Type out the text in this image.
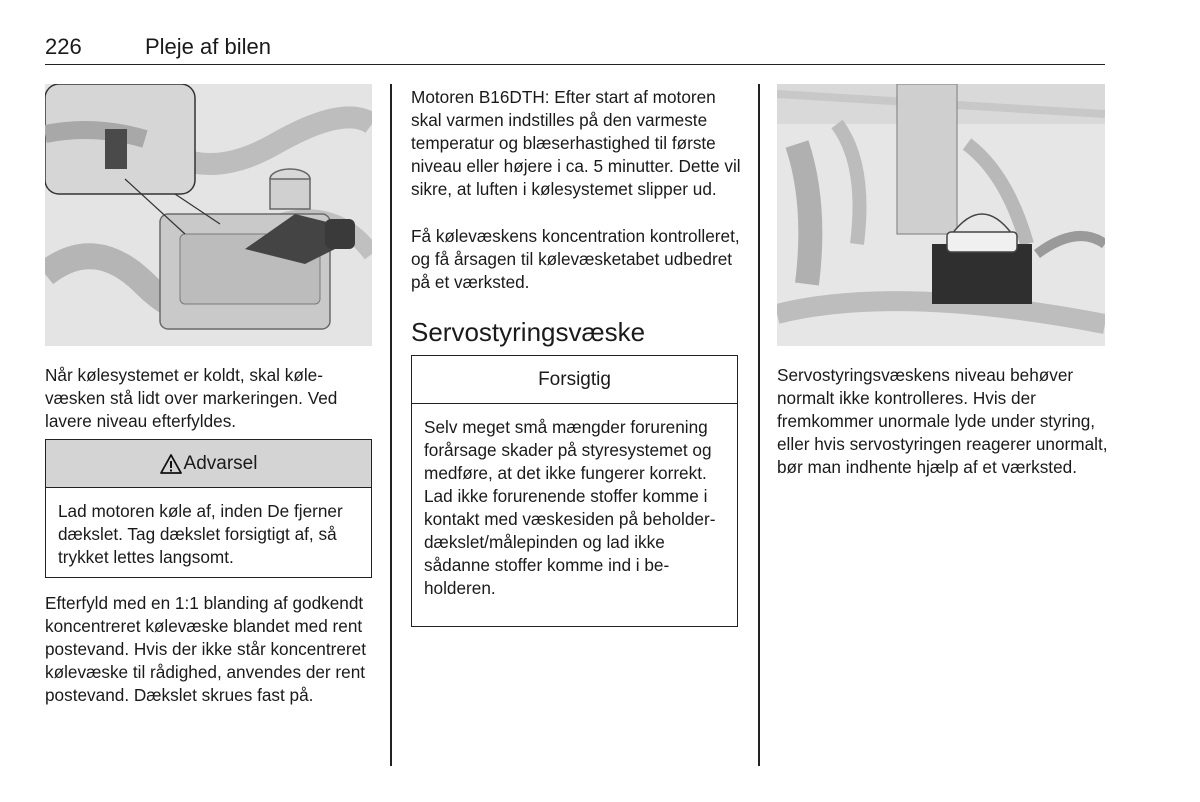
226	Pleje af bilen

Når kølesystemet er koldt, skal kølevæsken stå lidt over markeringen. Ved lavere niveau efterfyldes.

Advarsel

Lad motoren køle af, inden De fjerner dækslet. Tag dækslet forsigtigt af, så trykket lettes langsomt.

Efterfyld med en 1:1 blanding af godkendt koncentreret kølevæske blandet med rent postevand. Hvis der ikke står koncentreret kølevæske til rådighed, anvendes der rent postevand. Dækslet skrues fast på.

Motoren B16DTH: Efter start af motoren skal varmen indstilles på den varmeste temperatur og blæserhastighed til første niveau eller højere i ca. 5 minutter. Dette vil sikre, at luften i kølesystemet slipper ud.

Få kølevæskens koncentration kontrolleret, og få årsagen til kølevæsketabet udbedret på et værksted.

Servostyringsvæske
Forsigtig

Selv meget små mængder forurening forårsage skader på styresystemet og medføre, at det ikke fungerer korrekt. Lad ikke forurenende stoffer komme i kontakt med væskesiden på beholderdækslet/målepinden og lad ikke sådanne stoffer komme ind i beholderen.

Servostyringsvæskens niveau behøver normalt ikke kontrolleres. Hvis der fremkommer unormale lyde under styring, eller hvis servostyringen reagerer unormalt, bør man indhente hjælp af et værksted.
